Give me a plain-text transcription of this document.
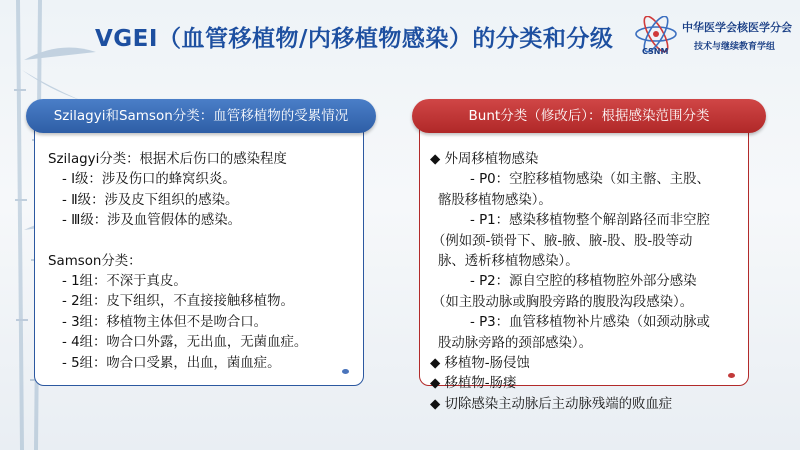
VGEI（血管移植物/内移植物感染）的分类和分级	CSNM
中华医学会核医学分会
技术与继续教育学组
Szilagyi和Samson分类：血管移植物的受累情况
Szilagyi分类：根据术后伤口的感染程度
- Ⅰ级：涉及伤口的蜂窝织炎。
- Ⅱ级：涉及皮下组织的感染。
- Ⅲ级：涉及血管假体的感染。
Samson分类：
- 1组：不深于真皮。
- 2组：皮下组织，不直接接触移植物。
- 3组：移植物主体但不是吻合口。
- 4组：吻合口外露，无出血，无菌血症。
- 5组：吻合口受累，出血，菌血症。
Bunt分类（修改后）：根据感染范围分类
◆ 外周移植物感染
- P0：空腔移植物感染（如主髂、主股、
髂股移植物感染）。
- P1：感染移植物整个解剖路径而非空腔
（例如颈-锁骨下、腋-腋、腋-股、股-股等动
脉、透析移植物感染）。
- P2：源自空腔的移植物腔外部分感染
（如主股动脉或胸股旁路的腹股沟段感染）。
- P3：血管移植物补片感染（如颈动脉或
股动脉旁路的颈部感染）。
◆ 移植物-肠侵蚀
◆ 移植物-肠瘘
◆ 切除感染主动脉后主动脉残端的败血症
